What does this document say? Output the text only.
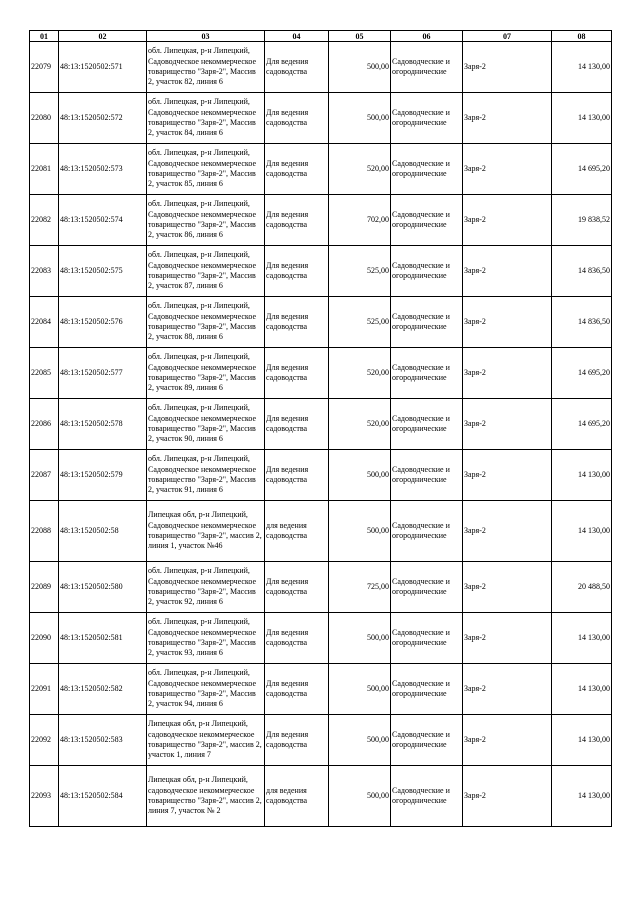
01	02	03	04	05	06	07	08
22079	48:13:1520502:571	обл. Липецкая, р-н Липецкий, Садоводческое некоммерческое товарищество "Заря-2", Массив 2, участок 82, линия 6	Для ведения садоводства	500,00	Садоводческие и огороднические	Заря-2	14 130,00
22080	48:13:1520502:572	обл. Липецкая, р-н Липецкий, Садоводческое некоммерческое товарищество "Заря-2", Массив 2, участок 84, линия 6	Для ведения садоводства	500,00	Садоводческие и огороднические	Заря-2	14 130,00
22081	48:13:1520502:573	обл. Липецкая, р-н Липецкий, Садоводческое некоммерческое товарищество "Заря-2", Массив 2, участок 85, линия 6	Для ведения садоводства	520,00	Садоводческие и огороднические	Заря-2	14 695,20
22082	48:13:1520502:574	обл. Липецкая, р-н Липецкий, Садоводческое некоммерческое товарищество "Заря-2", Массив 2, участок 86, линия 6	Для ведения садоводства	702,00	Садоводческие и огороднические	Заря-2	19 838,52
22083	48:13:1520502:575	обл. Липецкая, р-н Липецкий, Садоводческое некоммерческое товарищество "Заря-2", Массив 2, участок 87, линия 6	Для ведения садоводства	525,00	Садоводческие и огороднические	Заря-2	14 836,50
22084	48:13:1520502:576	обл. Липецкая, р-н Липецкий, Садоводческое некоммерческое товарищество "Заря-2", Массив 2, участок 88, линия 6	Для ведения садоводства	525,00	Садоводческие и огороднические	Заря-2	14 836,50
22085	48:13:1520502:577	обл. Липецкая, р-н Липецкий, Садоводческое некоммерческое товарищество "Заря-2", Массив 2, участок 89, линия 6	Для ведения садоводства	520,00	Садоводческие и огороднические	Заря-2	14 695,20
22086	48:13:1520502:578	обл. Липецкая, р-н Липецкий, Садоводческое некоммерческое товарищество "Заря-2", Массив 2, участок 90, линия 6	Для ведения садоводства	520,00	Садоводческие и огороднические	Заря-2	14 695,20
22087	48:13:1520502:579	обл. Липецкая, р-н Липецкий, Садоводческое некоммерческое товарищество "Заря-2", Массив 2, участок 91, линия 6	Для ведения садоводства	500,00	Садоводческие и огороднические	Заря-2	14 130,00
22088	48:13:1520502:58	Липецкая обл, р-н Липецкий, Садоводческое некоммерческое товарищество "Заря-2", массив 2, линия 1, участок №46	для ведения садоводства	500,00	Садоводческие и огороднические	Заря-2	14 130,00
22089	48:13:1520502:580	обл. Липецкая, р-н Липецкий, Садоводческое некоммерческое товарищество "Заря-2", Массив 2, участок 92, линия 6	Для ведения садоводства	725,00	Садоводческие и огороднические	Заря-2	20 488,50
22090	48:13:1520502:581	обл. Липецкая, р-н Липецкий, Садоводческое некоммерческое товарищество "Заря-2", Массив 2, участок 93, линия 6	Для ведения садоводства	500,00	Садоводческие и огороднические	Заря-2	14 130,00
22091	48:13:1520502:582	обл. Липецкая, р-н Липецкий, Садоводческое некоммерческое товарищество "Заря-2", Массив 2, участок 94, линия 6	Для ведения садоводства	500,00	Садоводческие и огороднические	Заря-2	14 130,00
22092	48:13:1520502:583	Липецкая обл, р-н Липецкий, садоводческое некоммерческое товарищество "Заря-2", массив 2, участок 1, линия 7	Для ведения садоводства	500,00	Садоводческие и огороднические	Заря-2	14 130,00
22093	48:13:1520502:584	Липецкая обл, р-н Липецкий, садоводческое некоммерческое товарищество "Заря-2", массив 2, линия 7, участок № 2	для ведения садоводства	500,00	Садоводческие и огороднические	Заря-2	14 130,00
